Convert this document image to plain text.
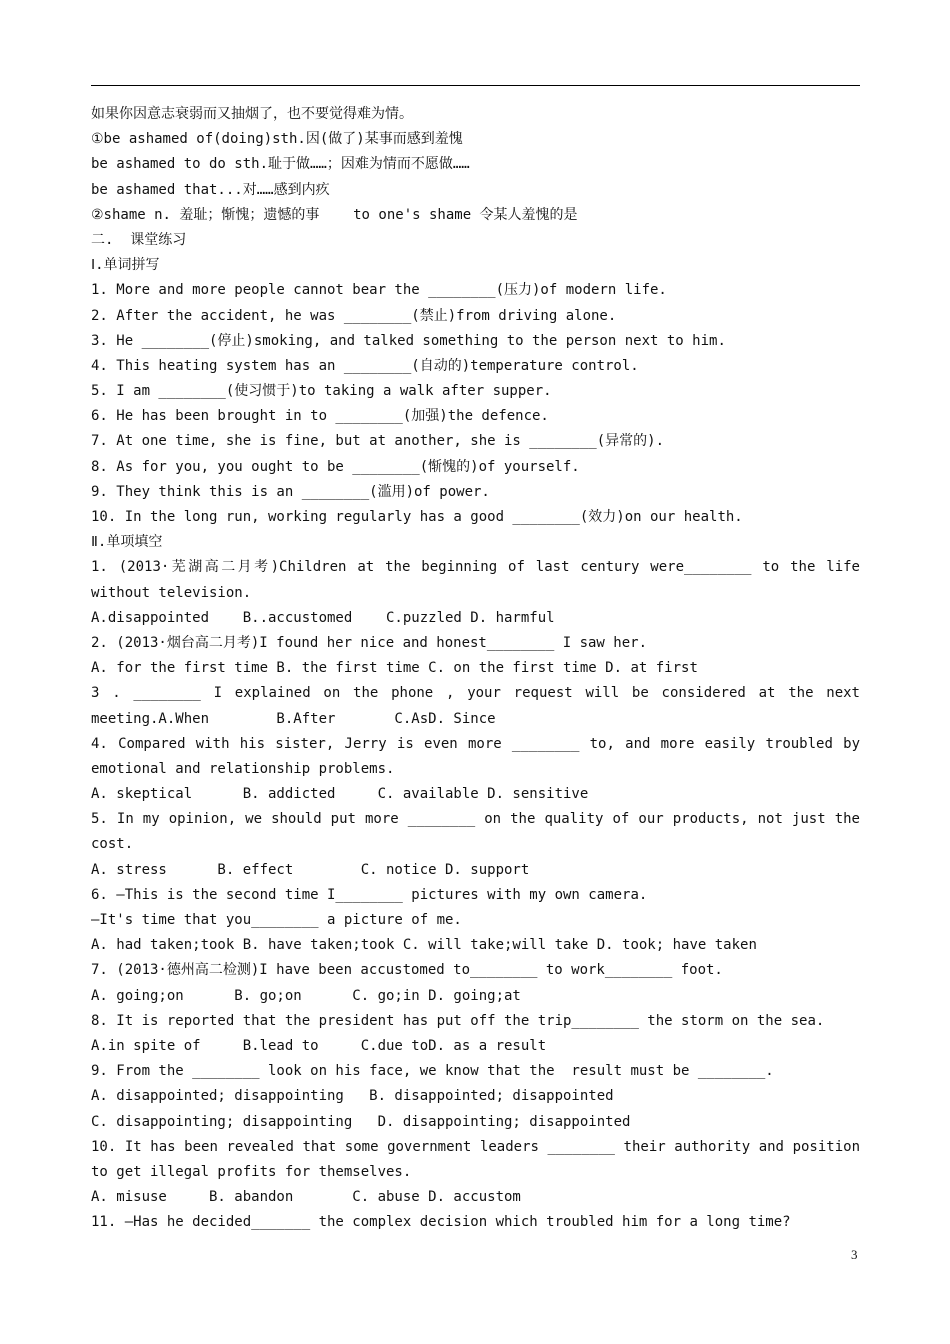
如果你因意志衰弱而又抽烟了，也不要觉得难为情。
①be ashamed of(doing)sth.因(做了)某事而感到羞愧
be ashamed to do sth.耻于做……；因难为情而不愿做……
be ashamed that...对……感到内疚
②shame n. 羞耻；惭愧；遗憾的事    to one's shame 令某人羞愧的是
二.  课堂练习
Ⅰ.单词拼写
1. More and more people cannot bear the ________(压力)of modern life.
2. After the accident, he was ________(禁止)from driving alone.
3. He ________(停止)smoking, and talked something to the person next to him.
4. This heating system has an ________(自动的)temperature control.
5. I am ________(使习惯于)to taking a walk after supper.
6. He has been brought in to ________(加强)the defence.
7. At one time, she is fine, but at another, she is ________(异常的).
8. As for you, you ought to be ________(惭愧的)of yourself.
9. They think this is an ________(滥用)of power.
10. In the long run, working regularly has a good ________(效力)on our health.
Ⅱ.单项填空
1. (2013·芜湖高二月考)Children at the beginning of last century were________ to the life
without television.
A.disappointed    B..accustomed    C.puzzled D. harmful
2. (2013·烟台高二月考)I found her nice and honest________ I saw her.
A. for the first time B. the first time C. on the first time D. at first
3 . ________ I explained on the phone , your request will be considered at the next
meeting.A.When        B.After       C.AsD. Since
4. Compared with his sister, Jerry is even more ________ to, and more easily troubled by
emotional and relationship problems.
A. skeptical      B. addicted     C. available D. sensitive
5. In my opinion, we should put more ________ on the quality of our products, not just the
cost.
A. stress      B. effect        C. notice D. support
6. —This is the second time I________ pictures with my own camera.
—It's time that you________ a picture of me.
A. had taken;took B. have taken;took C. will take;will take D. took; have taken
7. (2013·德州高二检测)I have been accustomed to________ to work________ foot.
A. going;on      B. go;on      C. go;in D. going;at
8. It is reported that the president has put off the trip________ the storm on the sea.
A.in spite of     B.lead to     C.due toD. as a result
9. From the ________ look on his face, we know that the  result must be ________.
A. disappointed; disappointing   B. disappointed; disappointed
C. disappointing; disappointing   D. disappointing; disappointed
10. It has been revealed that some government leaders ________ their authority and position
to get illegal profits for themselves.
A. misuse     B. abandon       C. abuse D. accustom
11. —Has he decided_______ the complex decision which troubled him for a long time?
3
